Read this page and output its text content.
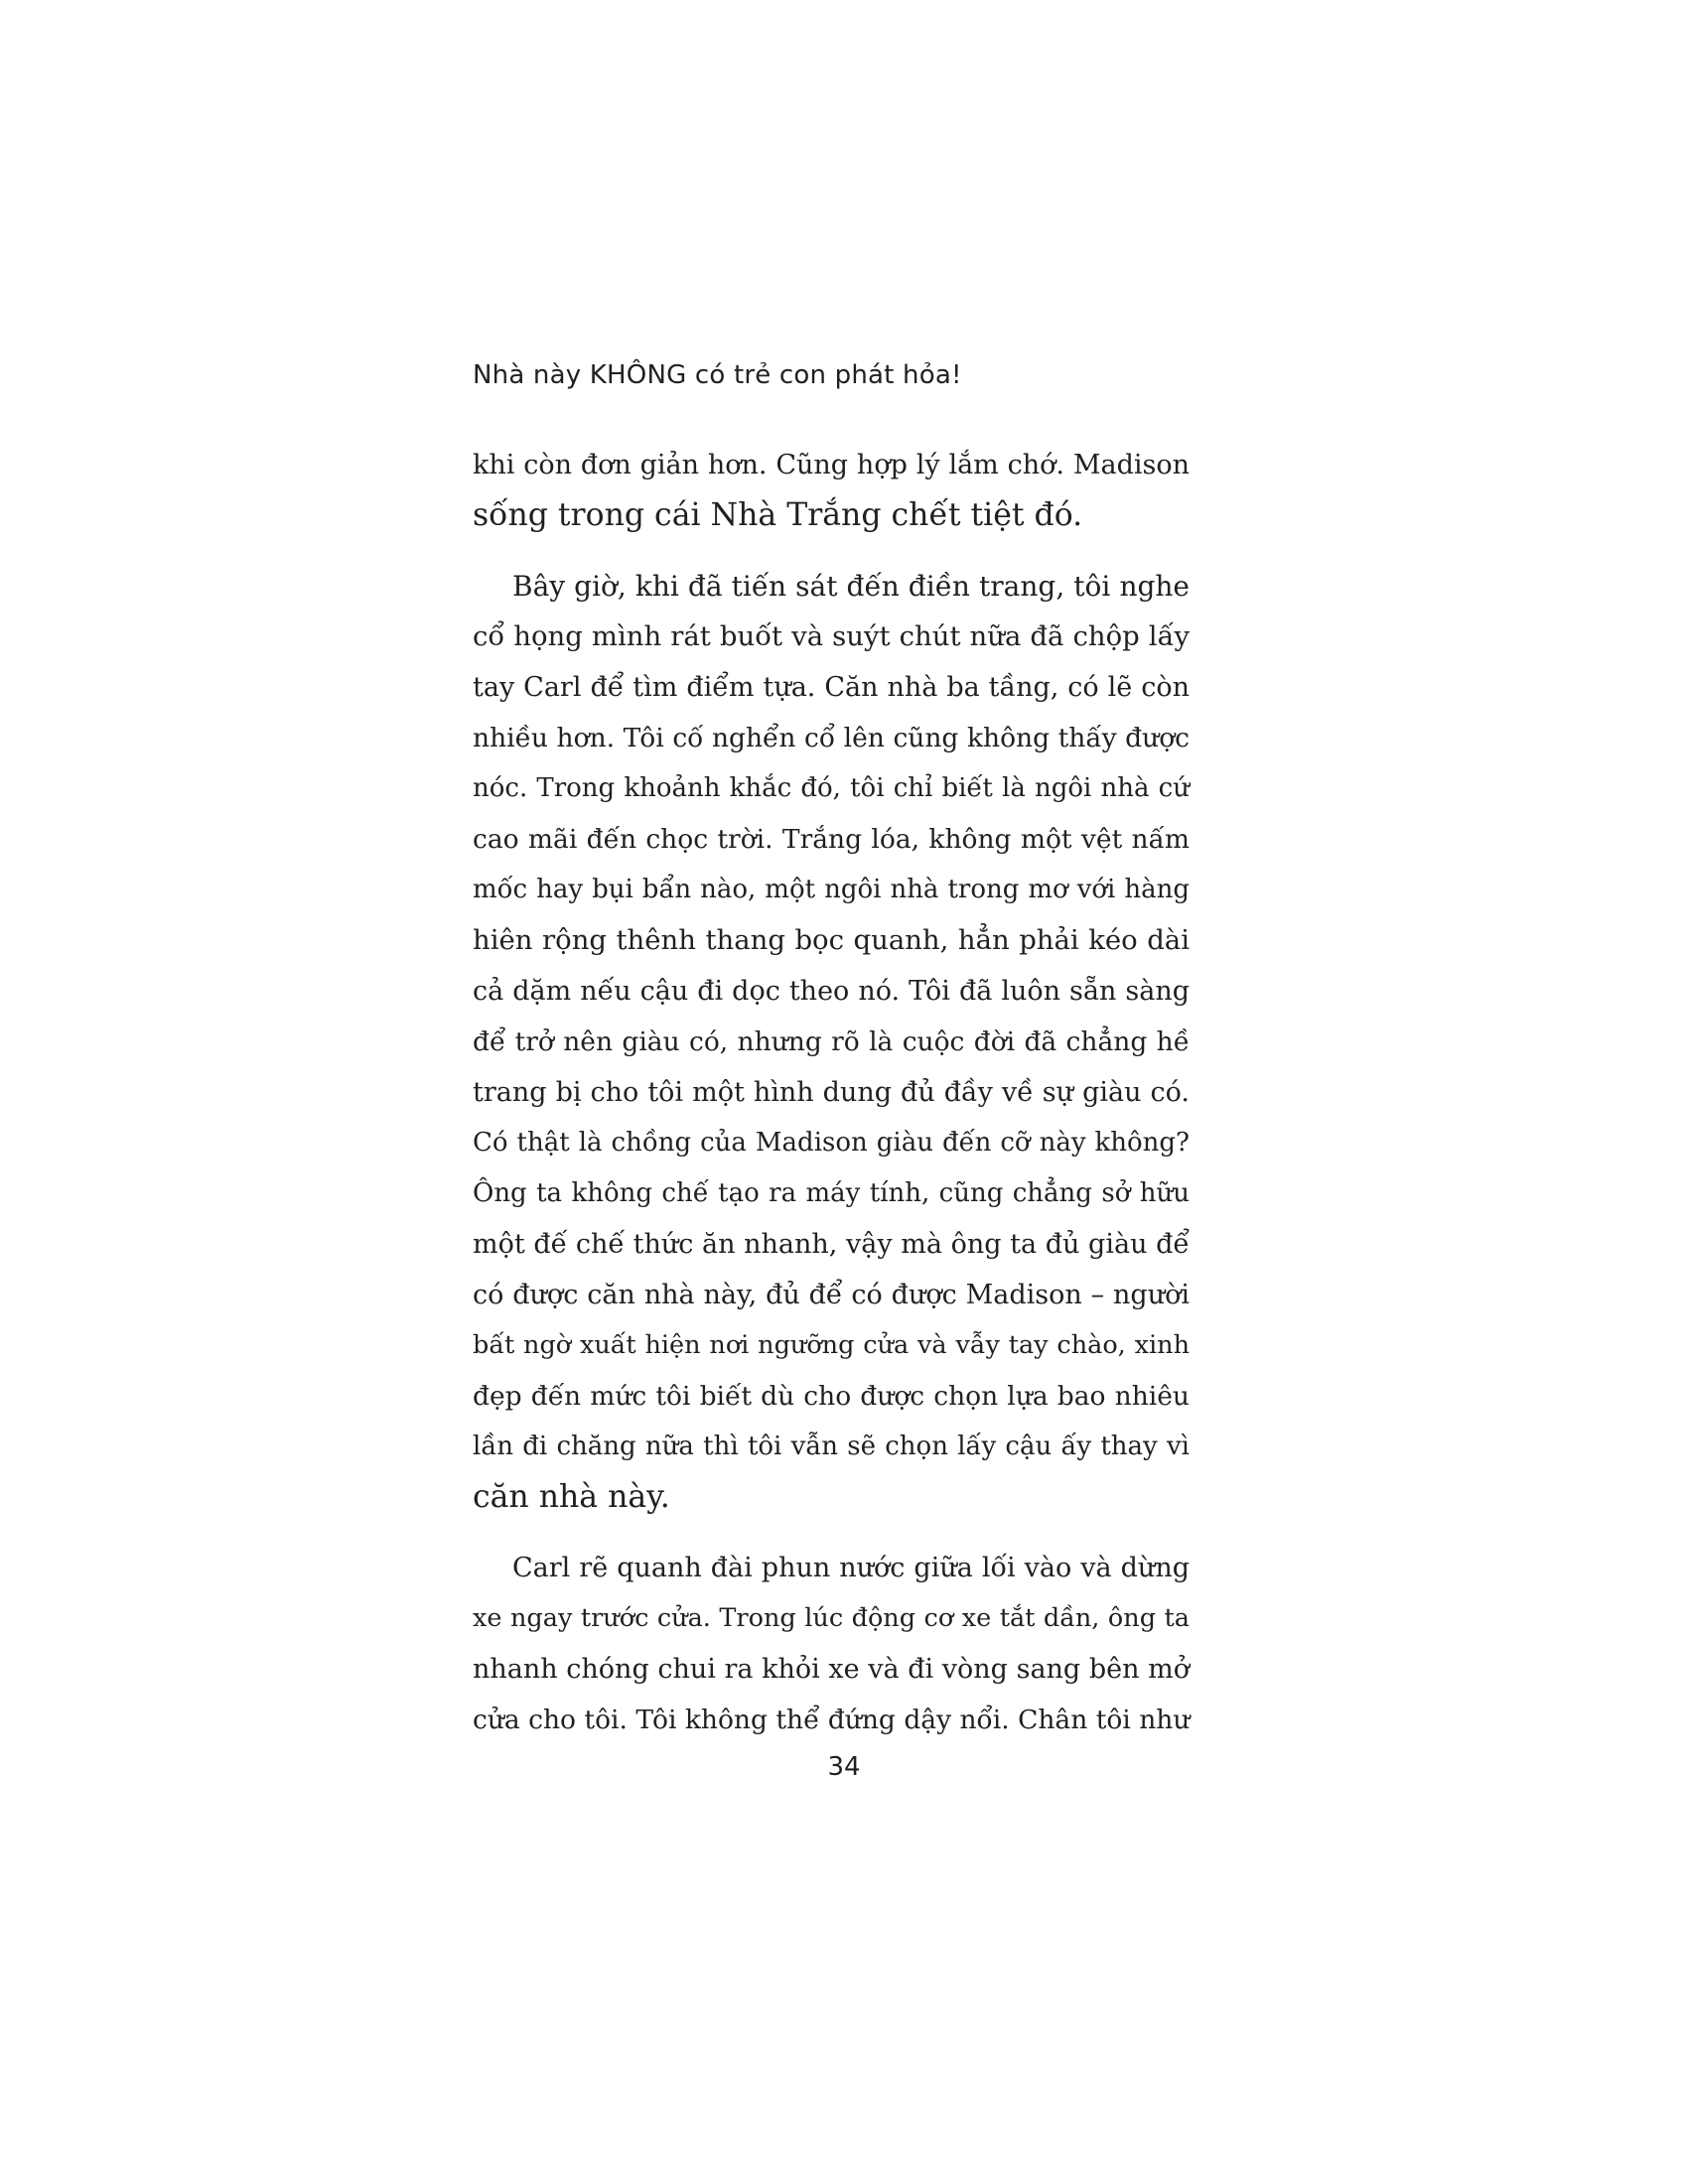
Nhà này KHÔNG có trẻ con phát hỏa!
khi còn đơn giản hơn. Cũng hợp lý lắm chớ. Madison
sống trong cái Nhà Trắng chết tiệt đó.
Bây giờ, khi đã tiến sát đến điền trang, tôi nghe
cổ họng mình rát buốt và suýt chút nữa đã chộp lấy
tay Carl để tìm điểm tựa. Căn nhà ba tầng, có lẽ còn
nhiều hơn. Tôi cố nghển cổ lên cũng không thấy được
nóc. Trong khoảnh khắc đó, tôi chỉ biết là ngôi nhà cứ
cao mãi đến chọc trời. Trắng lóa, không một vệt nấm
mốc hay bụi bẩn nào, một ngôi nhà trong mơ với hàng
hiên rộng thênh thang bọc quanh, hẳn phải kéo dài
cả dặm nếu cậu đi dọc theo nó. Tôi đã luôn sẵn sàng
để trở nên giàu có, nhưng rõ là cuộc đời đã chẳng hề
trang bị cho tôi một hình dung đủ đầy về sự giàu có.
Có thật là chồng của Madison giàu đến cỡ này không?
Ông ta không chế tạo ra máy tính, cũng chẳng sở hữu
một đế chế thức ăn nhanh, vậy mà ông ta đủ giàu để
có được căn nhà này, đủ để có được Madison – người
bất ngờ xuất hiện nơi ngưỡng cửa và vẫy tay chào, xinh
đẹp đến mức tôi biết dù cho được chọn lựa bao nhiêu
lần đi chăng nữa thì tôi vẫn sẽ chọn lấy cậu ấy thay vì
căn nhà này.
Carl rẽ quanh đài phun nước giữa lối vào và dừng
xe ngay trước cửa. Trong lúc động cơ xe tắt dần, ông ta
nhanh chóng chui ra khỏi xe và đi vòng sang bên mở
cửa cho tôi. Tôi không thể đứng dậy nổi. Chân tôi như
34
